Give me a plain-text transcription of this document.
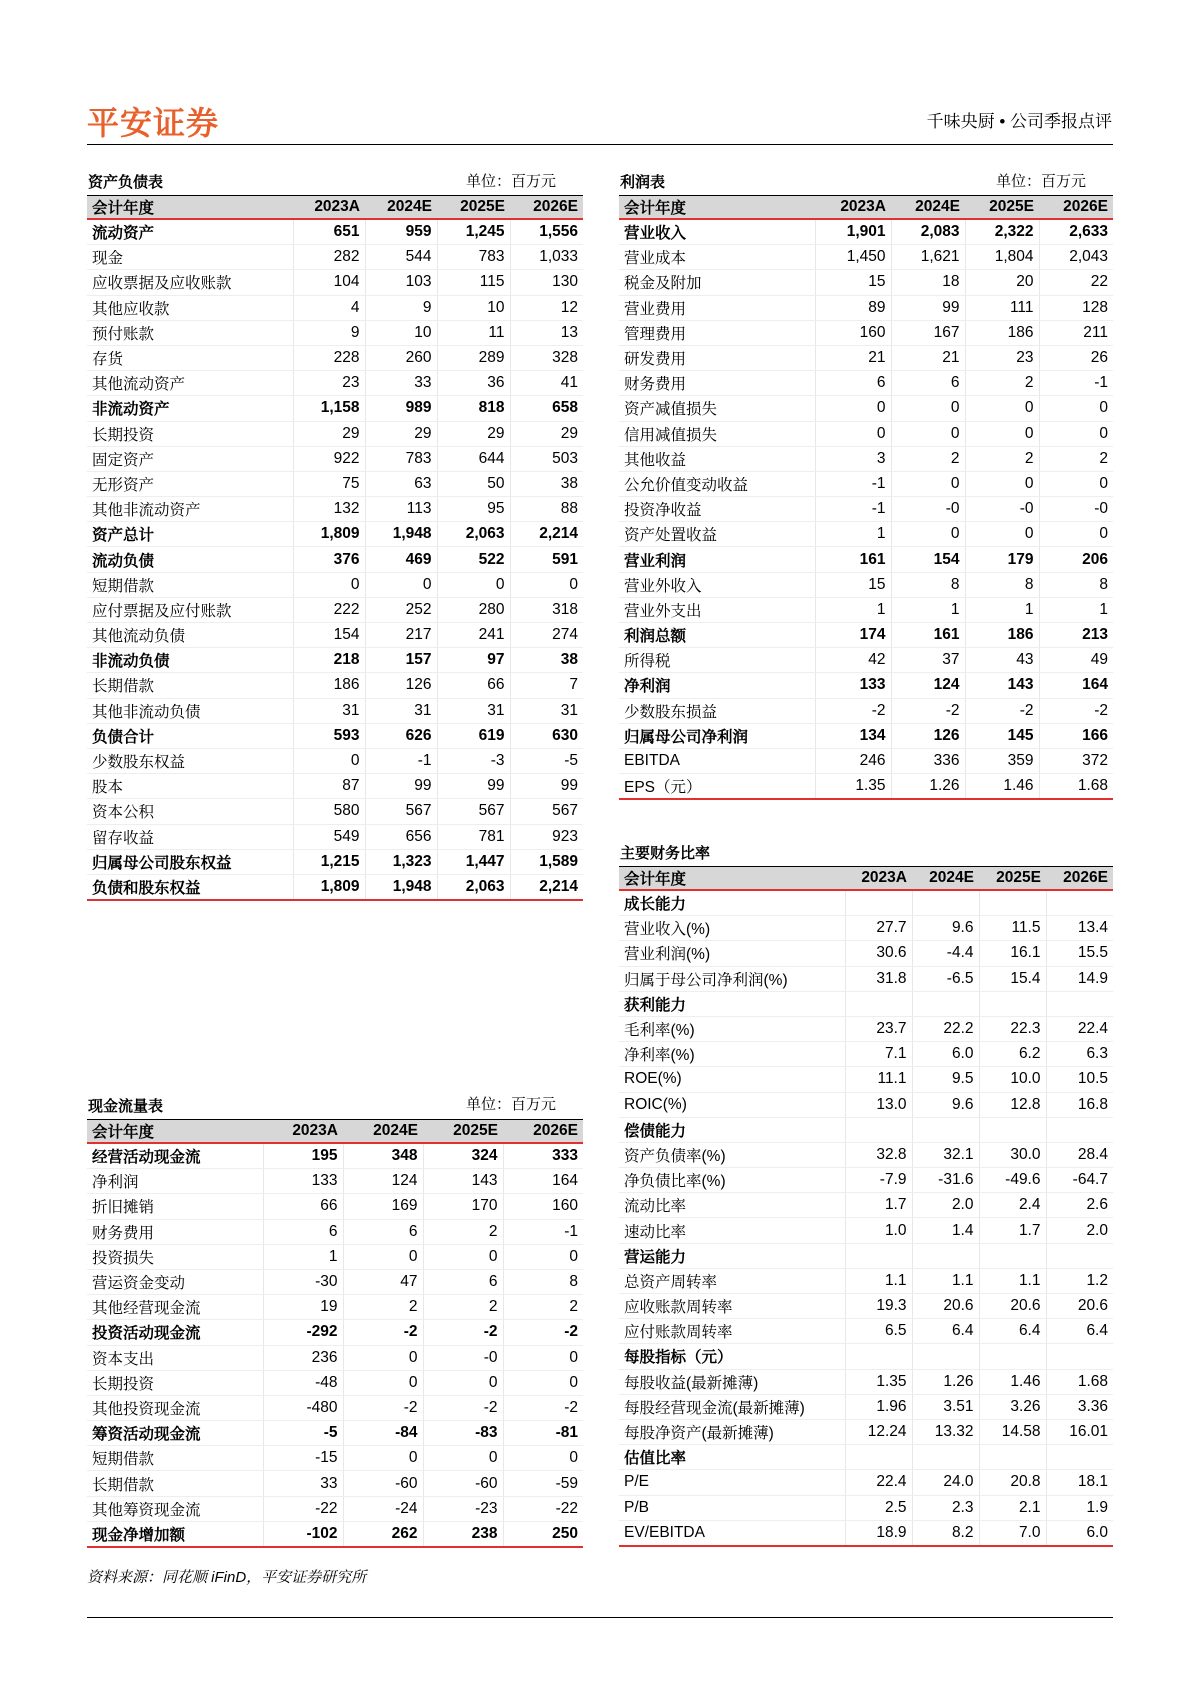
平安证券	千味央厨 • 公司季报点评
资产负债表	单位：百万元
会计年度	2023A	2024E	2025E	2026E
流动资产	651	959	1,245	1,556
现金	282	544	783	1,033
应收票据及应收账款	104	103	115	130
其他应收款	4	9	10	12
预付账款	9	10	11	13
存货	228	260	289	328
其他流动资产	23	33	36	41
非流动资产	1,158	989	818	658
长期投资	29	29	29	29
固定资产	922	783	644	503
无形资产	75	63	50	38
其他非流动资产	132	113	95	88
资产总计	1,809	1,948	2,063	2,214
流动负债	376	469	522	591
短期借款	0	0	0	0
应付票据及应付账款	222	252	280	318
其他流动负债	154	217	241	274
非流动负债	218	157	97	38
长期借款	186	126	66	7
其他非流动负债	31	31	31	31
负债合计	593	626	619	630
少数股东权益	0	-1	-3	-5
股本	87	99	99	99
资本公积	580	567	567	567
留存收益	549	656	781	923
归属母公司股东权益	1,215	1,323	1,447	1,589
负债和股东权益	1,809	1,948	2,063	2,214
利润表	单位：百万元
会计年度	2023A	2024E	2025E	2026E
营业收入	1,901	2,083	2,322	2,633
营业成本	1,450	1,621	1,804	2,043
税金及附加	15	18	20	22
营业费用	89	99	111	128
管理费用	160	167	186	211
研发费用	21	21	23	26
财务费用	6	6	2	-1
资产减值损失	0	0	0	0
信用减值损失	0	0	0	0
其他收益	3	2	2	2
公允价值变动收益	-1	0	0	0
投资净收益	-1	-0	-0	-0
资产处置收益	1	0	0	0
营业利润	161	154	179	206
营业外收入	15	8	8	8
营业外支出	1	1	1	1
利润总额	174	161	186	213
所得税	42	37	43	49
净利润	133	124	143	164
少数股东损益	-2	-2	-2	-2
归属母公司净利润	134	126	145	166
EBITDA	246	336	359	372
EPS（元）	1.35	1.26	1.46	1.68
主要财务比率
会计年度	2023A	2024E	2025E	2026E
成长能力				
营业收入(%)	27.7	9.6	11.5	13.4
营业利润(%)	30.6	-4.4	16.1	15.5
归属于母公司净利润(%)	31.8	-6.5	15.4	14.9
获利能力				
毛利率(%)	23.7	22.2	22.3	22.4
净利率(%)	7.1	6.0	6.2	6.3
ROE(%)	11.1	9.5	10.0	10.5
ROIC(%)	13.0	9.6	12.8	16.8
偿债能力				
资产负债率(%)	32.8	32.1	30.0	28.4
净负债比率(%)	-7.9	-31.6	-49.6	-64.7
流动比率	1.7	2.0	2.4	2.6
速动比率	1.0	1.4	1.7	2.0
营运能力				
总资产周转率	1.1	1.1	1.1	1.2
应收账款周转率	19.3	20.6	20.6	20.6
应付账款周转率	6.5	6.4	6.4	6.4
每股指标（元）				
每股收益(最新摊薄)	1.35	1.26	1.46	1.68
每股经营现金流(最新摊薄)	1.96	3.51	3.26	3.36
每股净资产(最新摊薄)	12.24	13.32	14.58	16.01
估值比率				
P/E	22.4	24.0	20.8	18.1
P/B	2.5	2.3	2.1	1.9
EV/EBITDA	18.9	8.2	7.0	6.0
现金流量表	单位：百万元
会计年度	2023A	2024E	2025E	2026E
经营活动现金流	195	348	324	333
净利润	133	124	143	164
折旧摊销	66	169	170	160
财务费用	6	6	2	-1
投资损失	1	0	0	0
营运资金变动	-30	47	6	8
其他经营现金流	19	2	2	2
投资活动现金流	-292	-2	-2	-2
资本支出	236	0	-0	0
长期投资	-48	0	0	0
其他投资现金流	-480	-2	-2	-2
筹资活动现金流	-5	-84	-83	-81
短期借款	-15	0	0	0
长期借款	33	-60	-60	-59
其他筹资现金流	-22	-24	-23	-22
现金净增加额	-102	262	238	250
资料来源：同花顺 iFinD，平安证券研究所
